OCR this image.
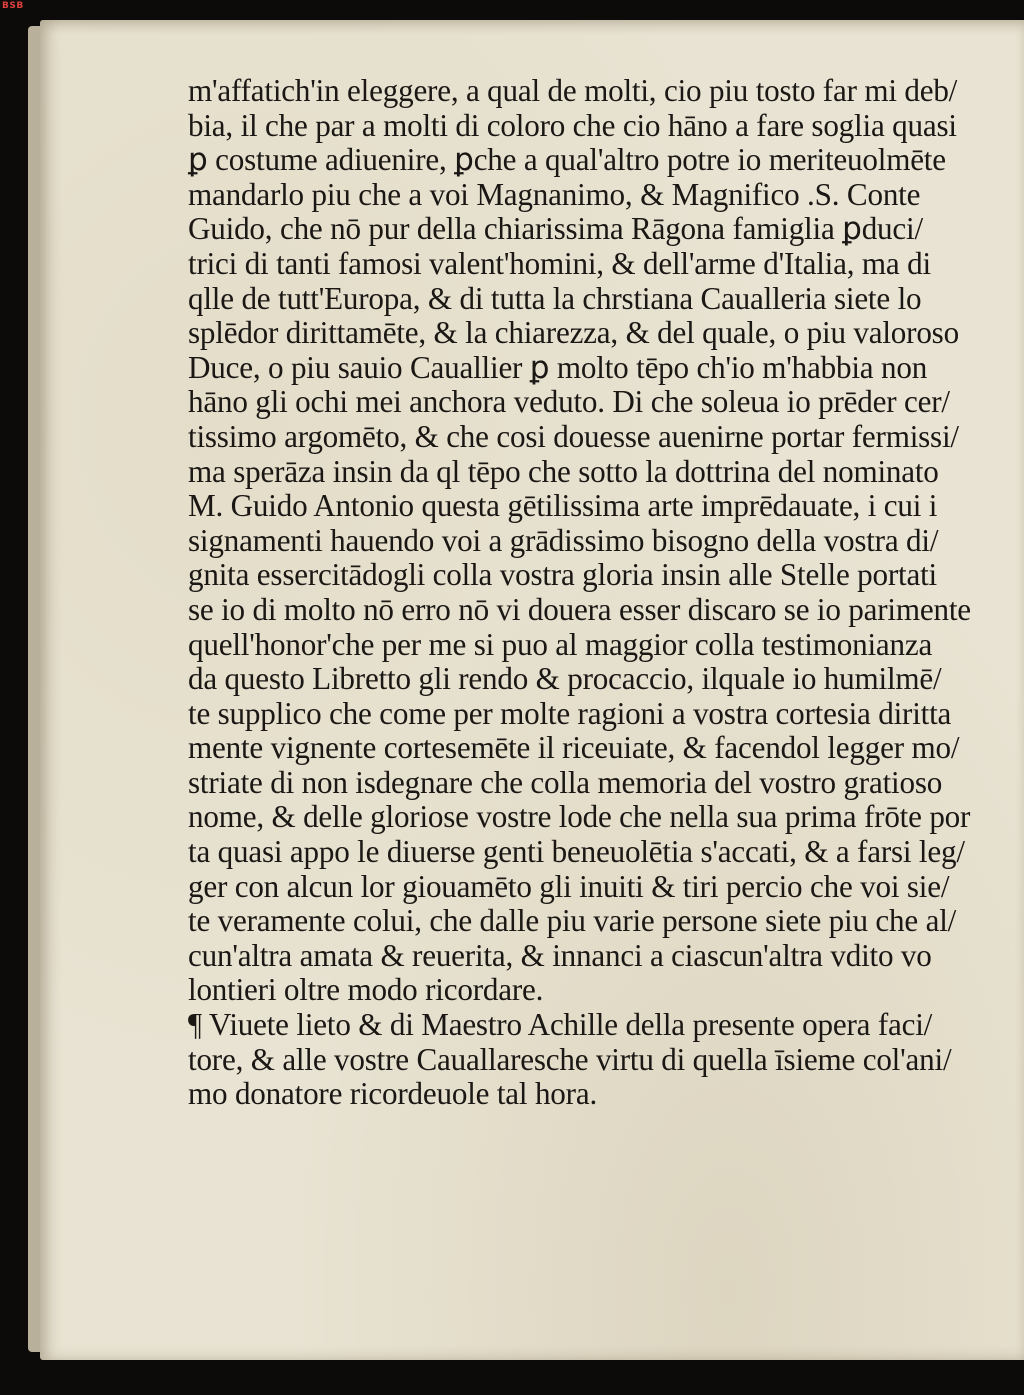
BSB
m'affatich'in eleggere, a qual de molti, cio piu tosto far mi deb/
bia, il che par a molti di coloro che cio hāno a fare soglia quasi
ꝑ costume adiuenire, ꝑche a qual'altro potre io meriteuolmēte
mandarlo piu che a voi Magnanimo, & Magnifico .S. Conte
Guido, che nō pur della chiarissima Rāgona famiglia ꝑduci/
trici di tanti famosi valent'homini, & dell'arme d'Italia, ma di
qlle de tutt'Europa, & di tutta la chrstiana Caualleria siete lo
splēdor dirittamēte, & la chiarezza, & del quale, o piu valoroso
Duce, o piu sauio Cauallier ꝑ molto tēpo ch'io m'habbia non
hāno gli ochi mei anchora veduto. Di che soleua io prēder cer/
tissimo argomēto, & che cosi douesse auenirne portar fermissi/
ma sperāza insin da ql tēpo che sotto la dottrina del nominato
M. Guido Antonio questa gētilissima arte imprēdauate, i cui i
signamenti hauendo voi a grādissimo bisogno della vostra di/
gnita essercitādogli colla vostra gloria insin alle Stelle portati
se io di molto nō erro nō vi douera esser discaro se io parimente
quell'honor'che per me si puo al maggior colla testimonianza
da questo Libretto gli rendo & procaccio, ilquale io humilmē/
te supplico che come per molte ragioni a vostra cortesia diritta
mente vignente cortesemēte il riceuiate, & facendol legger mo/
striate di non isdegnare che colla memoria del vostro gratioso
nome, & delle gloriose vostre lode che nella sua prima frōte por
ta quasi appo le diuerse genti beneuolētia s'accati, & a farsi leg/
ger con alcun lor giouamēto gli inuiti & tiri percio che voi sie/
te veramente colui, che dalle piu varie persone siete piu che al/
cun'altra amata & reuerita, & innanci a ciascun'altra vdito vo
lontieri oltre modo ricordare.
¶ Viuete lieto & di Maestro Achille della presente opera faci/
tore, & alle vostre Cauallaresche virtu di quella īsieme col'ani/
mo donatore ricordeuole tal hora.
